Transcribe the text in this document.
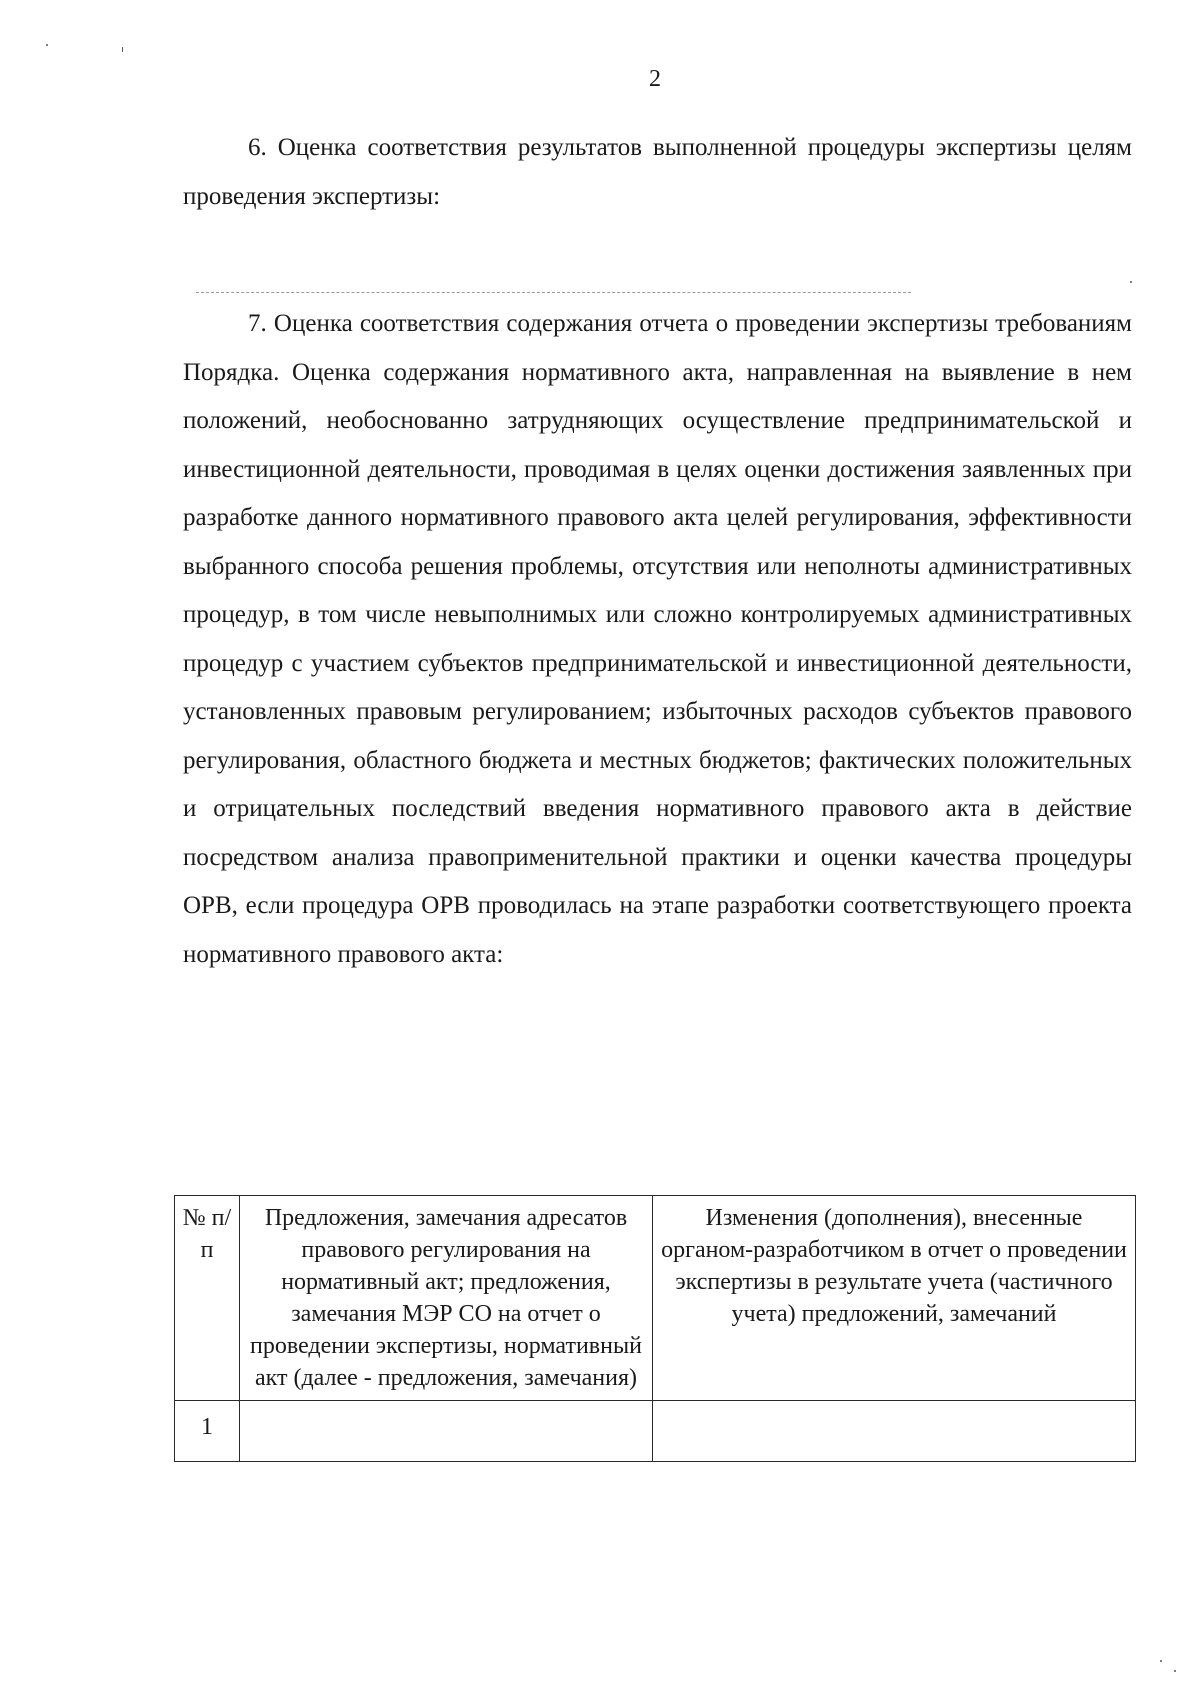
2

6. Оценка соответствия результатов выполненной процедуры экспертизы целям проведения экспертизы:

7. Оценка соответствия содержания отчета о проведении экспертизы требованиям Порядка. Оценка содержания нормативного акта, направленная на выявление в нем положений, необоснованно затрудняющих осуществление предпринимательской и инвестиционной деятельности, проводимая в целях оценки достижения заявленных при разработке данного нормативного правового акта целей регулирования, эффективности выбранного способа решения проблемы, отсутствия или неполноты административных процедур, в том числе невыполнимых или сложно контролируемых административных процедур с участием субъектов предпринимательской и инвестиционной деятельности, установленных правовым регулированием; избыточных расходов субъектов правового регулирования, областного бюджета и местных бюджетов; фактических положительных и отрицательных последствий введения нормативного правового акта в действие посредством анализа правоприменительной практики и оценки качества процедуры ОРВ, если процедура ОРВ проводилась на этапе разработки соответствующего проекта нормативного правового акта:

№ п/п	Предложения, замечания адресатов правового регулирования на нормативный акт; предложения, замечания МЭР СО на отчет о проведении экспертизы, нормативный акт (далее - предложения, замечания)	Изменения (дополнения), внесенные органом-разработчиком в отчет о проведении экспертизы в результате учета (частичного учета) предложений, замечаний
1		
